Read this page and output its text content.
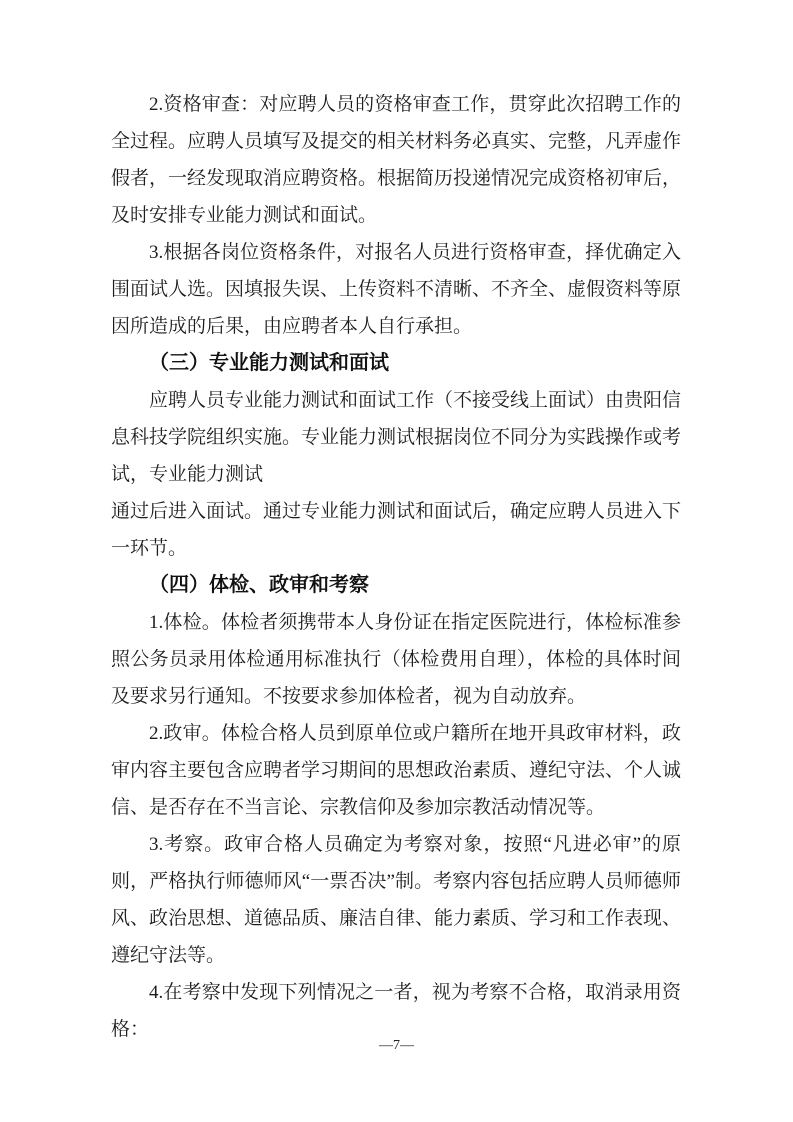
2.资格审查：对应聘人员的资格审查工作，贯穿此次招聘工作的全过程。应聘人员填写及提交的相关材料务必真实、完整，凡弄虚作假者，一经发现取消应聘资格。根据简历投递情况完成资格初审后，及时安排专业能力测试和面试。

3.根据各岗位资格条件，对报名人员进行资格审查，择优确定入围面试人选。因填报失误、上传资料不清晰、不齐全、虚假资料等原因所造成的后果，由应聘者本人自行承担。

（三）专业能力测试和面试

应聘人员专业能力测试和面试工作（不接受线上面试）由贵阳信息科技学院组织实施。专业能力测试根据岗位不同分为实践操作或考试，专业能力测试

通过后进入面试。通过专业能力测试和面试后，确定应聘人员进入下一环节。

（四）体检、政审和考察

1.体检。体检者须携带本人身份证在指定医院进行，体检标准参照公务员录用体检通用标准执行（体检费用自理），体检的具体时间及要求另行通知。不按要求参加体检者，视为自动放弃。

2.政审。体检合格人员到原单位或户籍所在地开具政审材料，政审内容主要包含应聘者学习期间的思想政治素质、遵纪守法、个人诚信、是否存在不当言论、宗教信仰及参加宗教活动情况等。

3.考察。政审合格人员确定为考察对象，按照“凡进必审”的原则，严格执行师德师风“一票否决”制。考察内容包括应聘人员师德师风、政治思想、道德品质、廉洁自律、能力素质、学习和工作表现、遵纪守法等。

4.在考察中发现下列情况之一者，视为考察不合格，取消录用资格：

—7—
